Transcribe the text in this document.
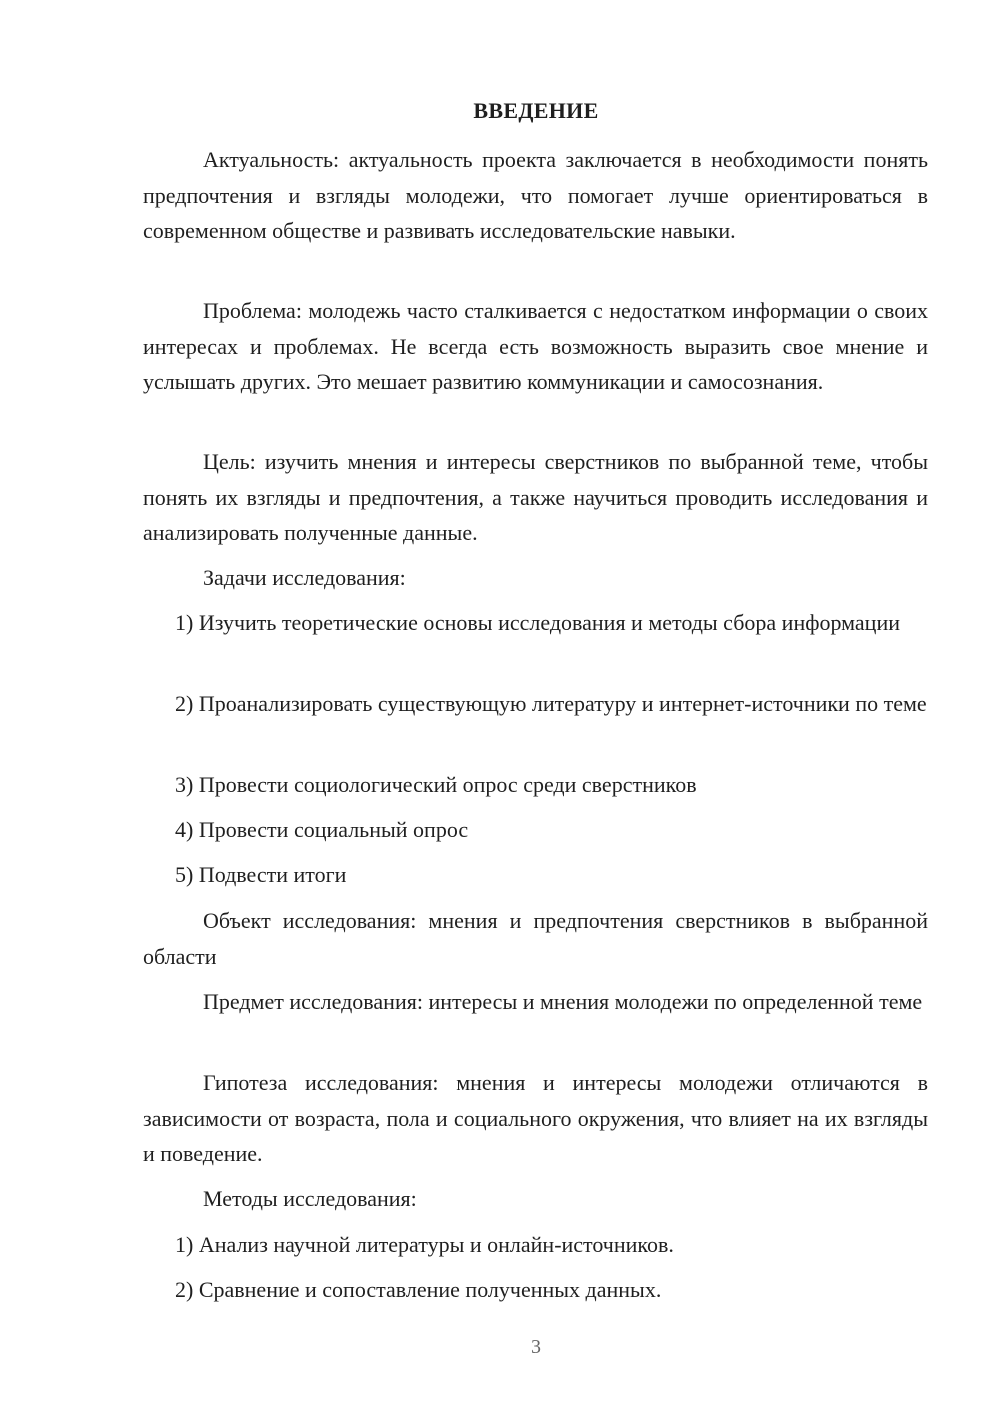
ВВЕДЕНИЕ

Актуальность: актуальность проекта заключается в необходимости понять предпочтения и взгляды молодежи, что помогает лучше ориентироваться в современном обществе и развивать исследовательские навыки.

Проблема: молодежь часто сталкивается с недостатком информации о своих интересах и проблемах. Не всегда есть возможность выразить свое мнение и услышать других. Это мешает развитию коммуникации и самосознания.

Цель: изучить мнения и интересы сверстников по выбранной теме, чтобы понять их взгляды и предпочтения, а также научиться проводить исследования и анализировать полученные данные.

Задачи исследования:

1) Изучить теоретические основы исследования и методы сбора информации

2) Проанализировать существующую литературу и интернет-источники по теме

3) Провести социологический опрос среди сверстников

4) Провести социальный опрос

5) Подвести итоги

Объект исследования: мнения и предпочтения сверстников в выбранной области

Предмет исследования: интересы и мнения молодежи по определенной теме

Гипотеза исследования: мнения и интересы молодежи отличаются в зависимости от возраста, пола и социального окружения, что влияет на их взгляды и поведение.

Методы исследования:

1) Анализ научной литературы и онлайн-источников.

2) Сравнение и сопоставление полученных данных.

3
